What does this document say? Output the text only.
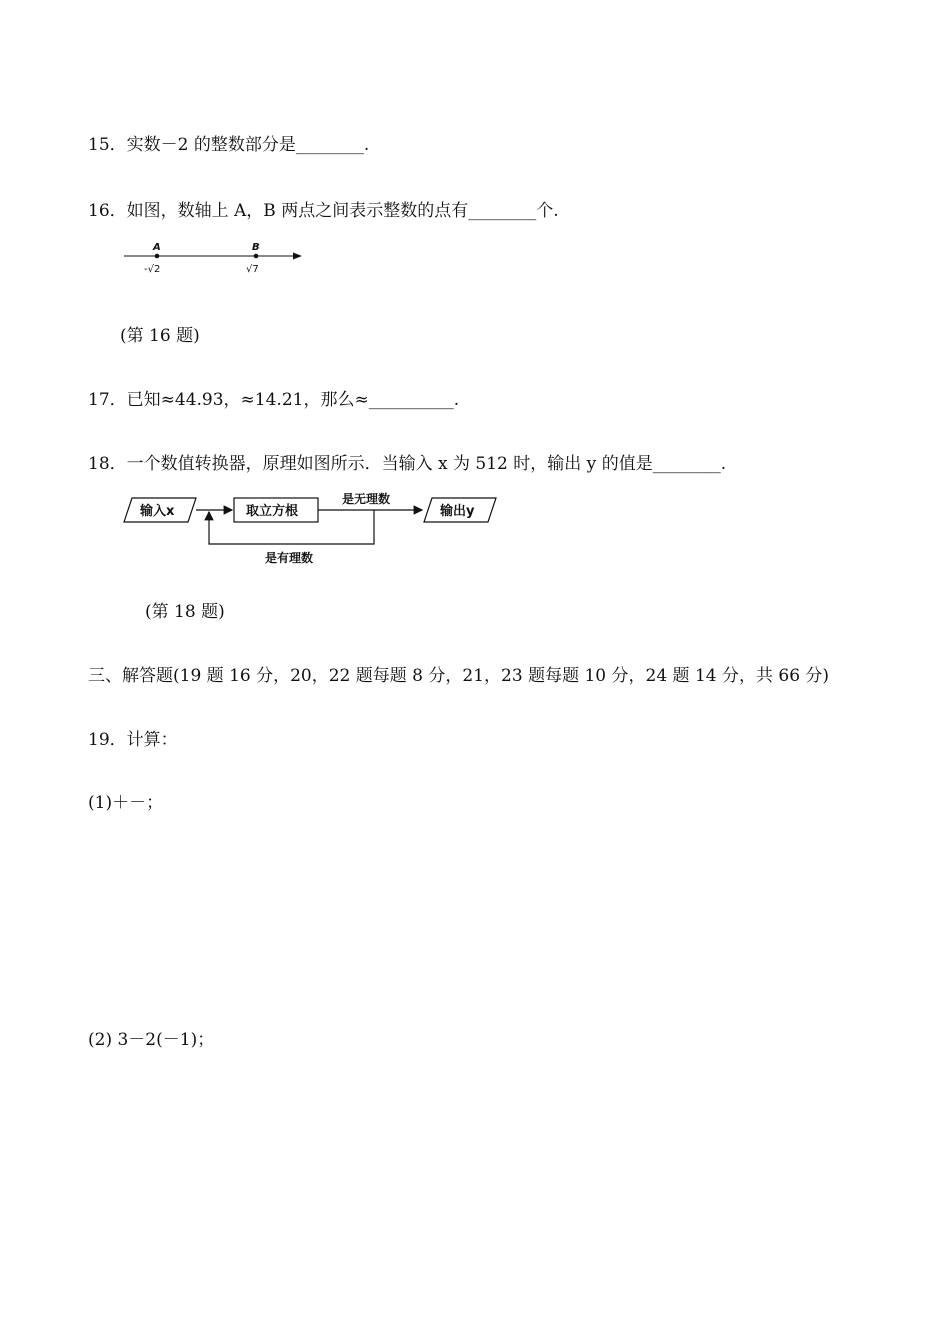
15．实数－2 的整数部分是________.
16．如图，数轴上 A，B 两点之间表示整数的点有________个.
A	B
-√2	√7
(第 16 题)
17．已知≈44.93，≈14.21，那么≈__________.
18．一个数值转换器，原理如图所示．当输入 x 为 512 时，输出 y 的值是________.
输入x	取立方根
是无理数
输出y
是有理数
(第 18 题)
三、解答题(19 题 16 分，20，22 题每题 8 分，21，23 题每题 10 分，24 题 14 分，共 66 分)
19．计算：
(1)＋－；
(2) 3－2(－1)；
